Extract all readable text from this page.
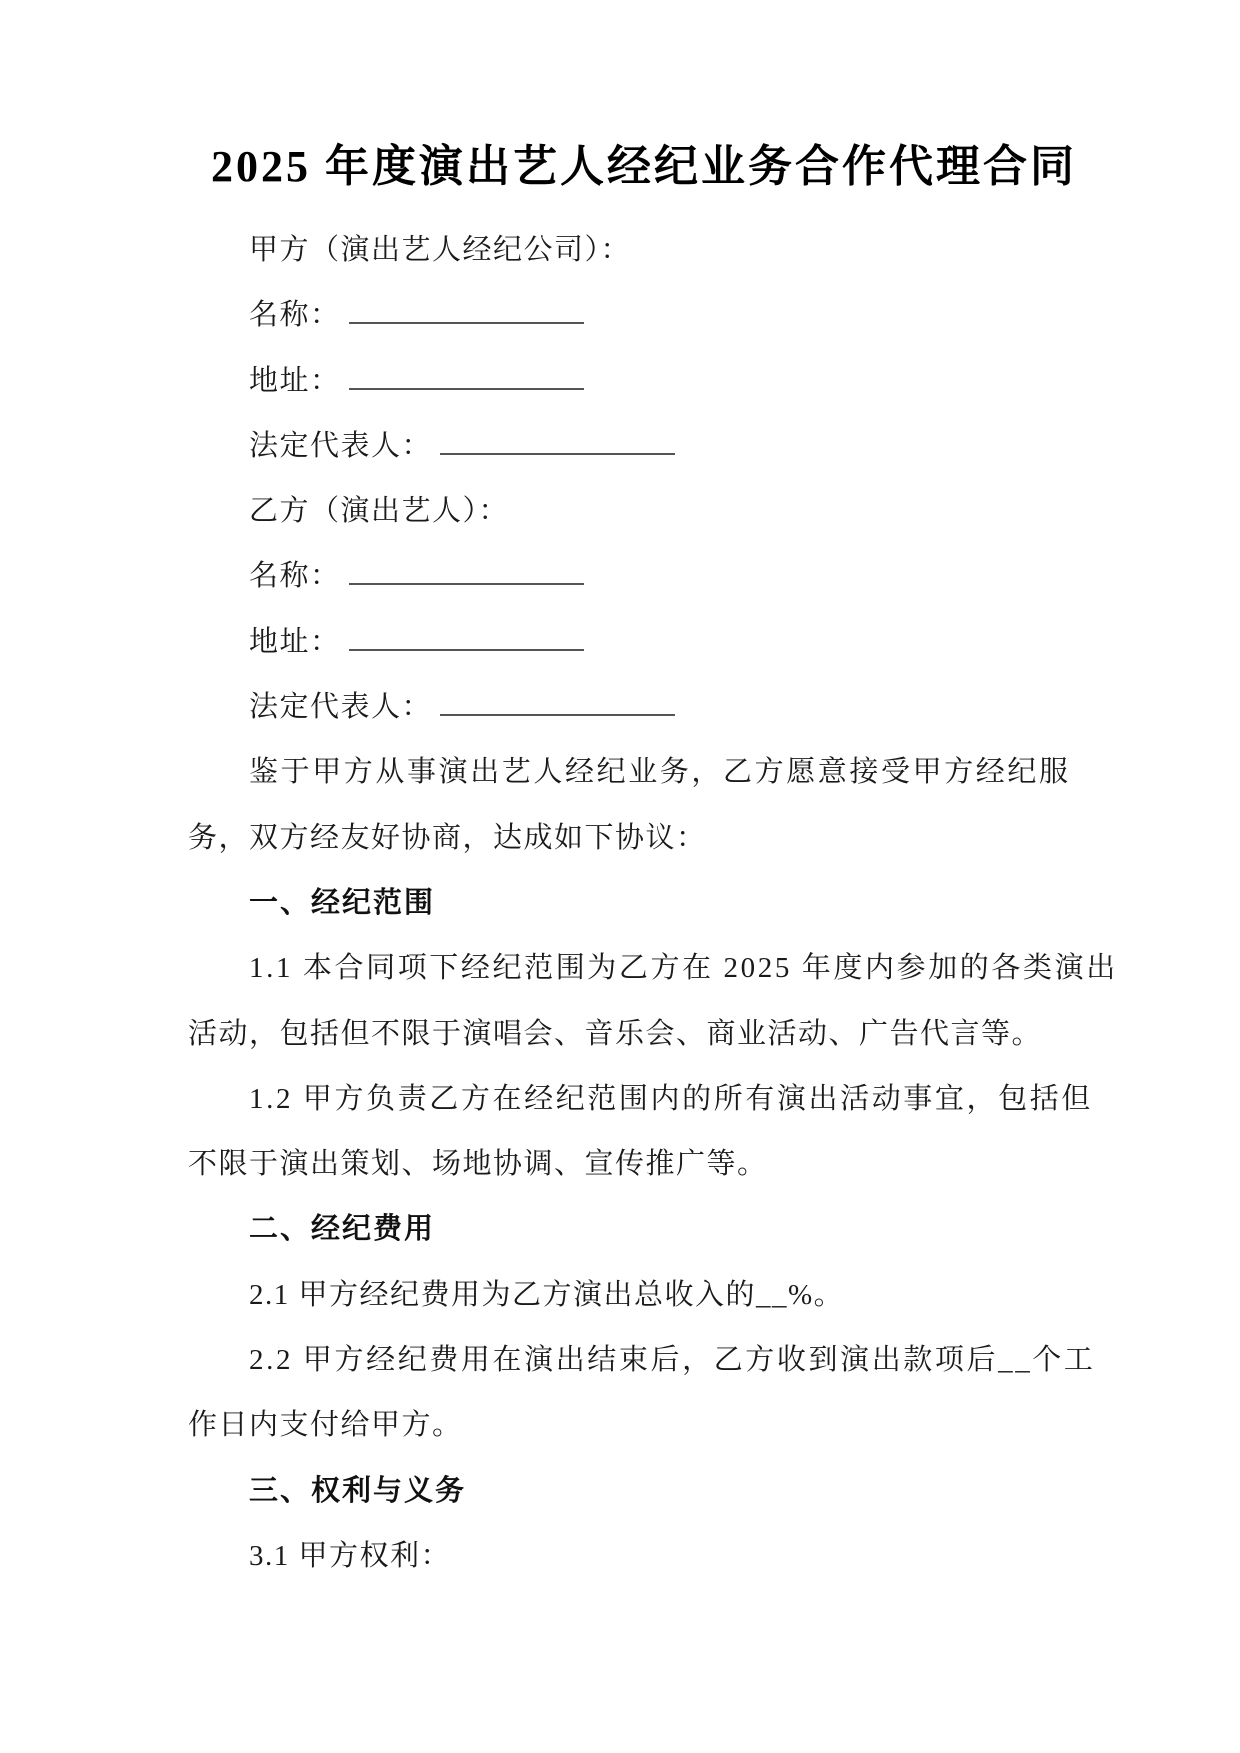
2025 年度演出艺人经纪业务合作代理合同
甲方（演出艺人经纪公司）：
名称：
地址：
法定代表人：
乙方（演出艺人）：
名称：
地址：
法定代表人：
鉴于甲方从事演出艺人经纪业务，乙方愿意接受甲方经纪服
务，双方经友好协商，达成如下协议：
一、经纪范围
1.1 本合同项下经纪范围为乙方在 2025 年度内参加的各类演出
活动，包括但不限于演唱会、音乐会、商业活动、广告代言等。
1.2 甲方负责乙方在经纪范围内的所有演出活动事宜，包括但
不限于演出策划、场地协调、宣传推广等。
二、经纪费用
2.1 甲方经纪费用为乙方演出总收入的__%。
2.2 甲方经纪费用在演出结束后，乙方收到演出款项后__个工
作日内支付给甲方。
三、权利与义务
3.1 甲方权利：
